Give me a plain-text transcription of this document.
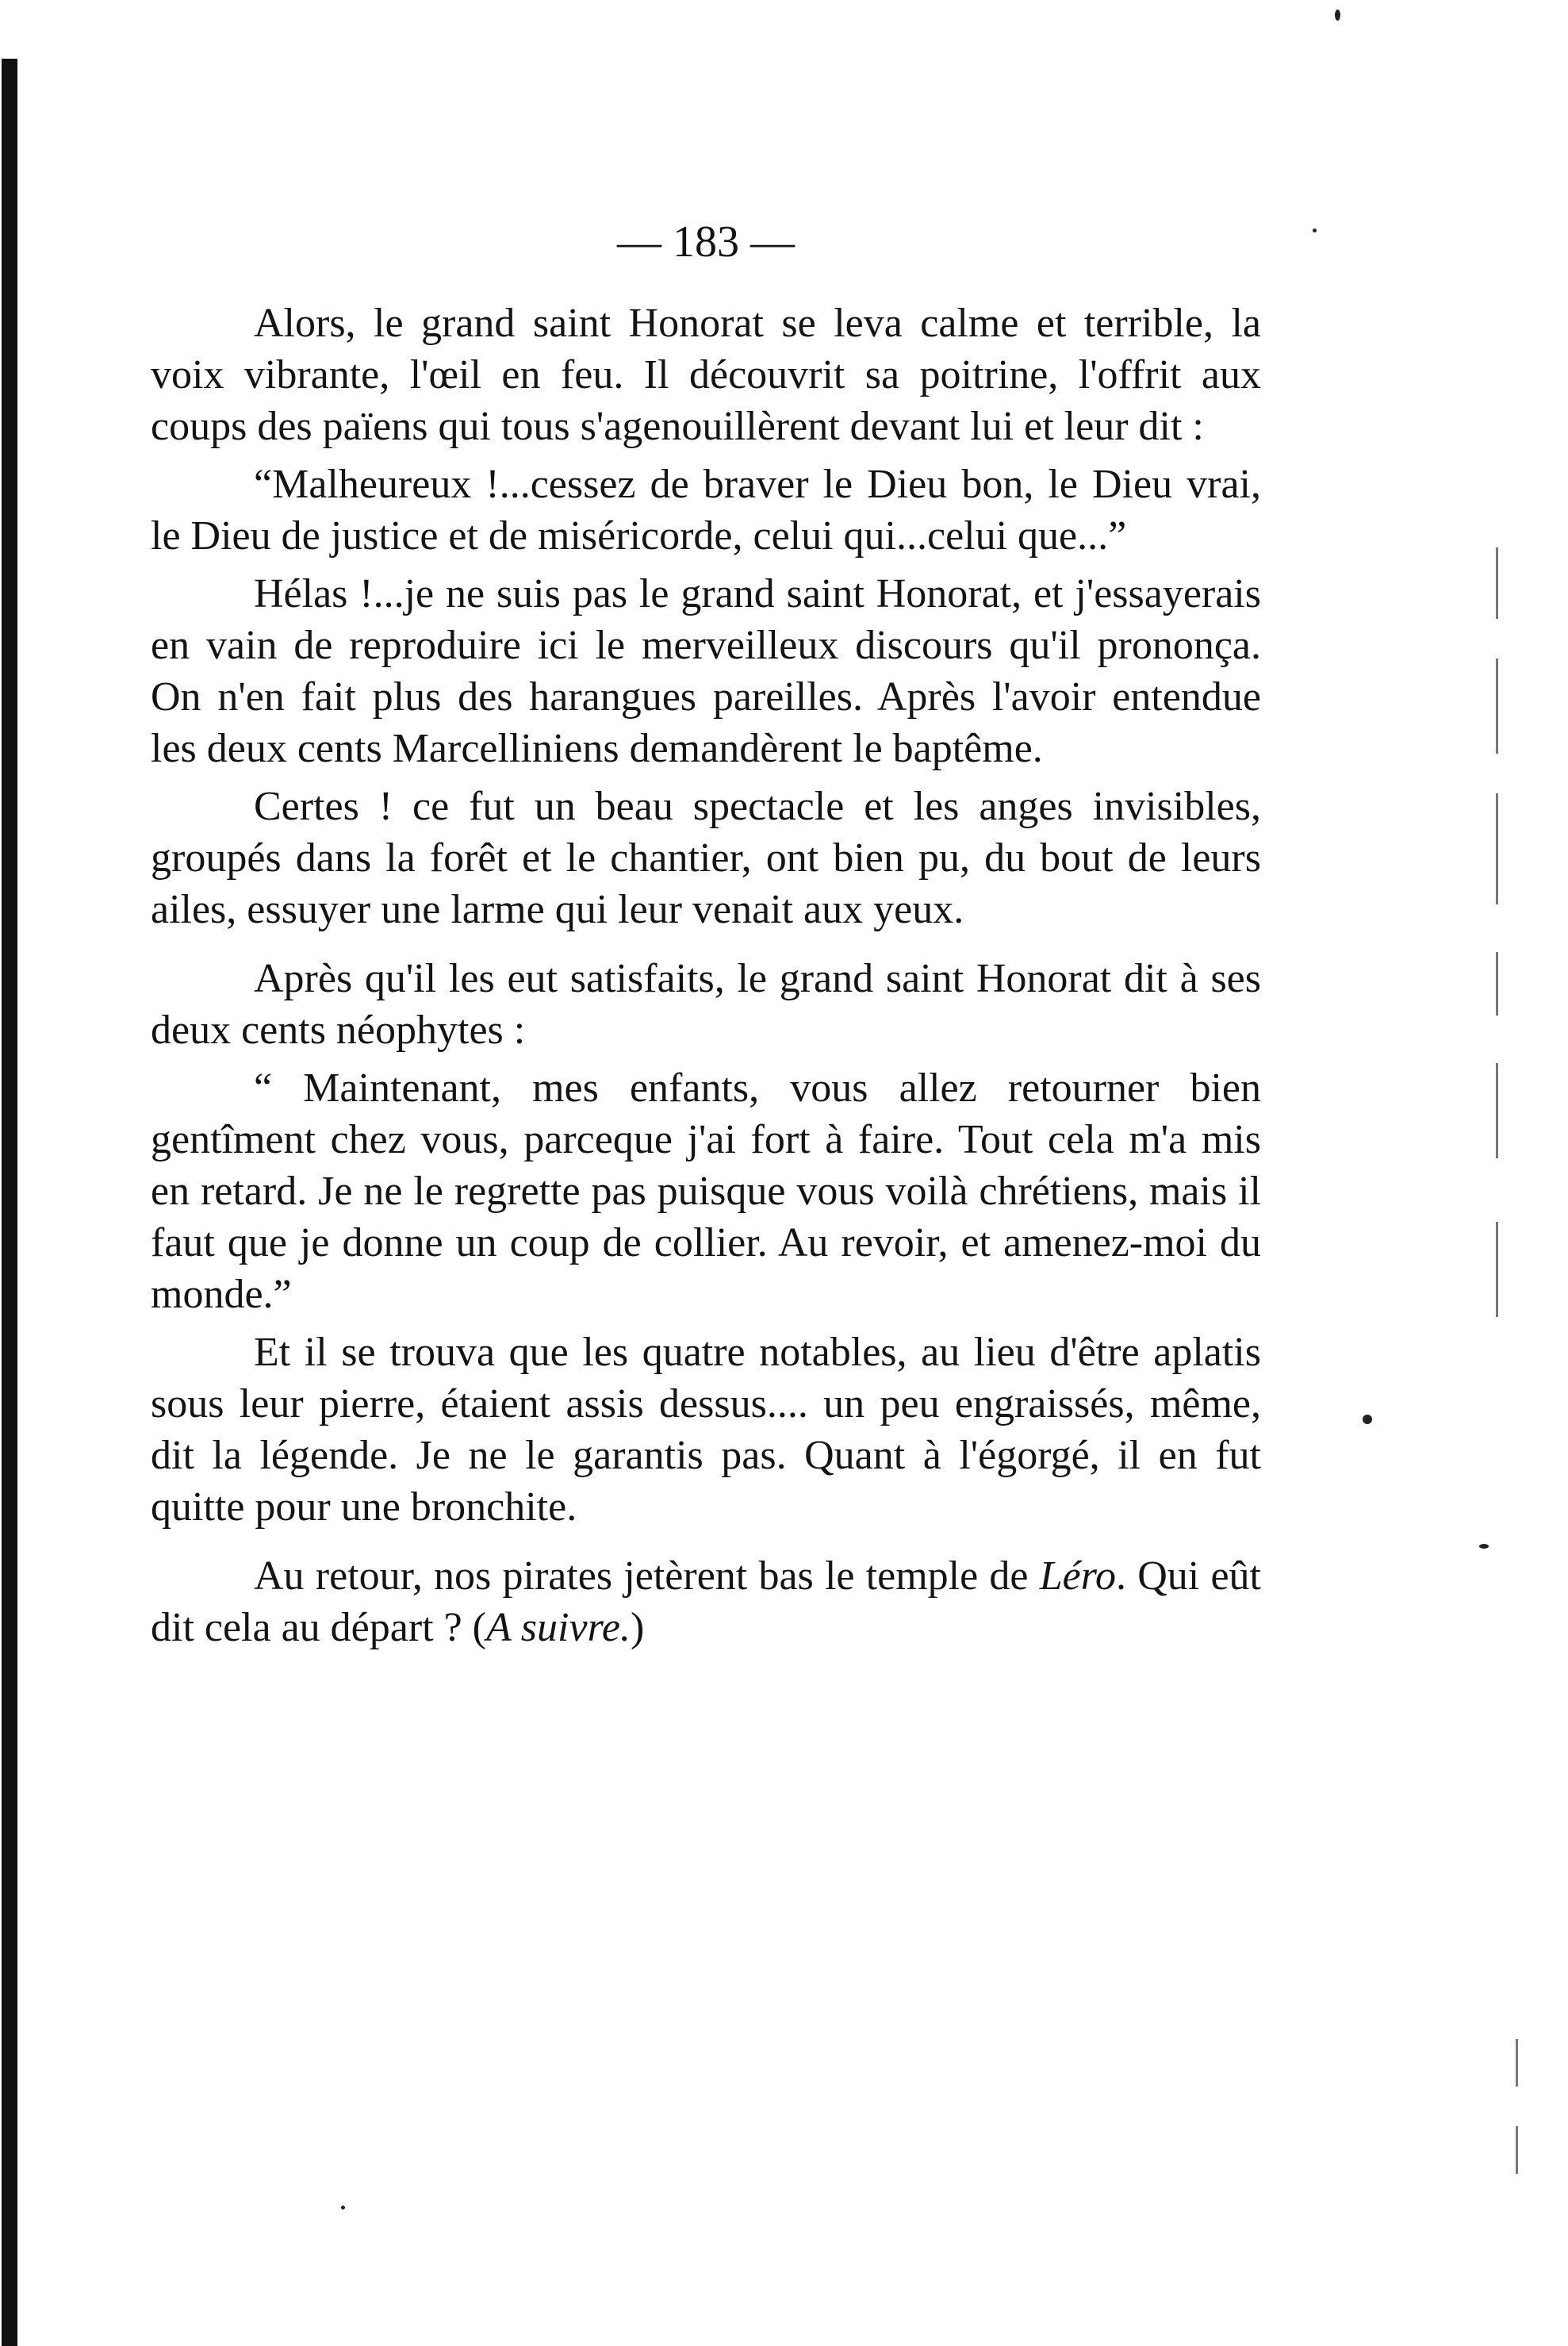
— 183 —

Alors, le grand saint Honorat se leva calme et terrible, la voix vibrante, l'œil en feu. Il découvrit sa poitrine, l'offrit aux coups des païens qui tous s'agenouillèrent devant lui et leur dit :

“Malheureux !...cessez de braver le Dieu bon, le Dieu vrai, le Dieu de justice et de miséricorde, celui qui...celui que...”

Hélas !...je ne suis pas le grand saint Honorat, et j'essayerais en vain de reproduire ici le merveilleux discours qu'il prononça. On n'en fait plus des harangues pareilles. Après l'avoir entendue les deux cents Marcelliniens demandèrent le baptême.

Certes ! ce fut un beau spectacle et les anges invisibles, groupés dans la forêt et le chantier, ont bien pu, du bout de leurs ailes, essuyer une larme qui leur venait aux yeux.

Après qu'il les eut satisfaits, le grand saint Honorat dit à ses deux cents néophytes :

“ Maintenant, mes enfants, vous allez retourner bien gentîment chez vous, parceque j'ai fort à faire. Tout cela m'a mis en retard. Je ne le regrette pas puisque vous voilà chrétiens, mais il faut que je donne un coup de collier. Au revoir, et amenez-moi du monde.”

Et il se trouva que les quatre notables, au lieu d'être aplatis sous leur pierre, étaient assis dessus.... un peu engraissés, même, dit la légende. Je ne le garantis pas. Quant à l'égorgé, il en fut quitte pour une bronchite.

Au retour, nos pirates jetèrent bas le temple de Léro. Qui eût dit cela au départ ? (A suivre.)
